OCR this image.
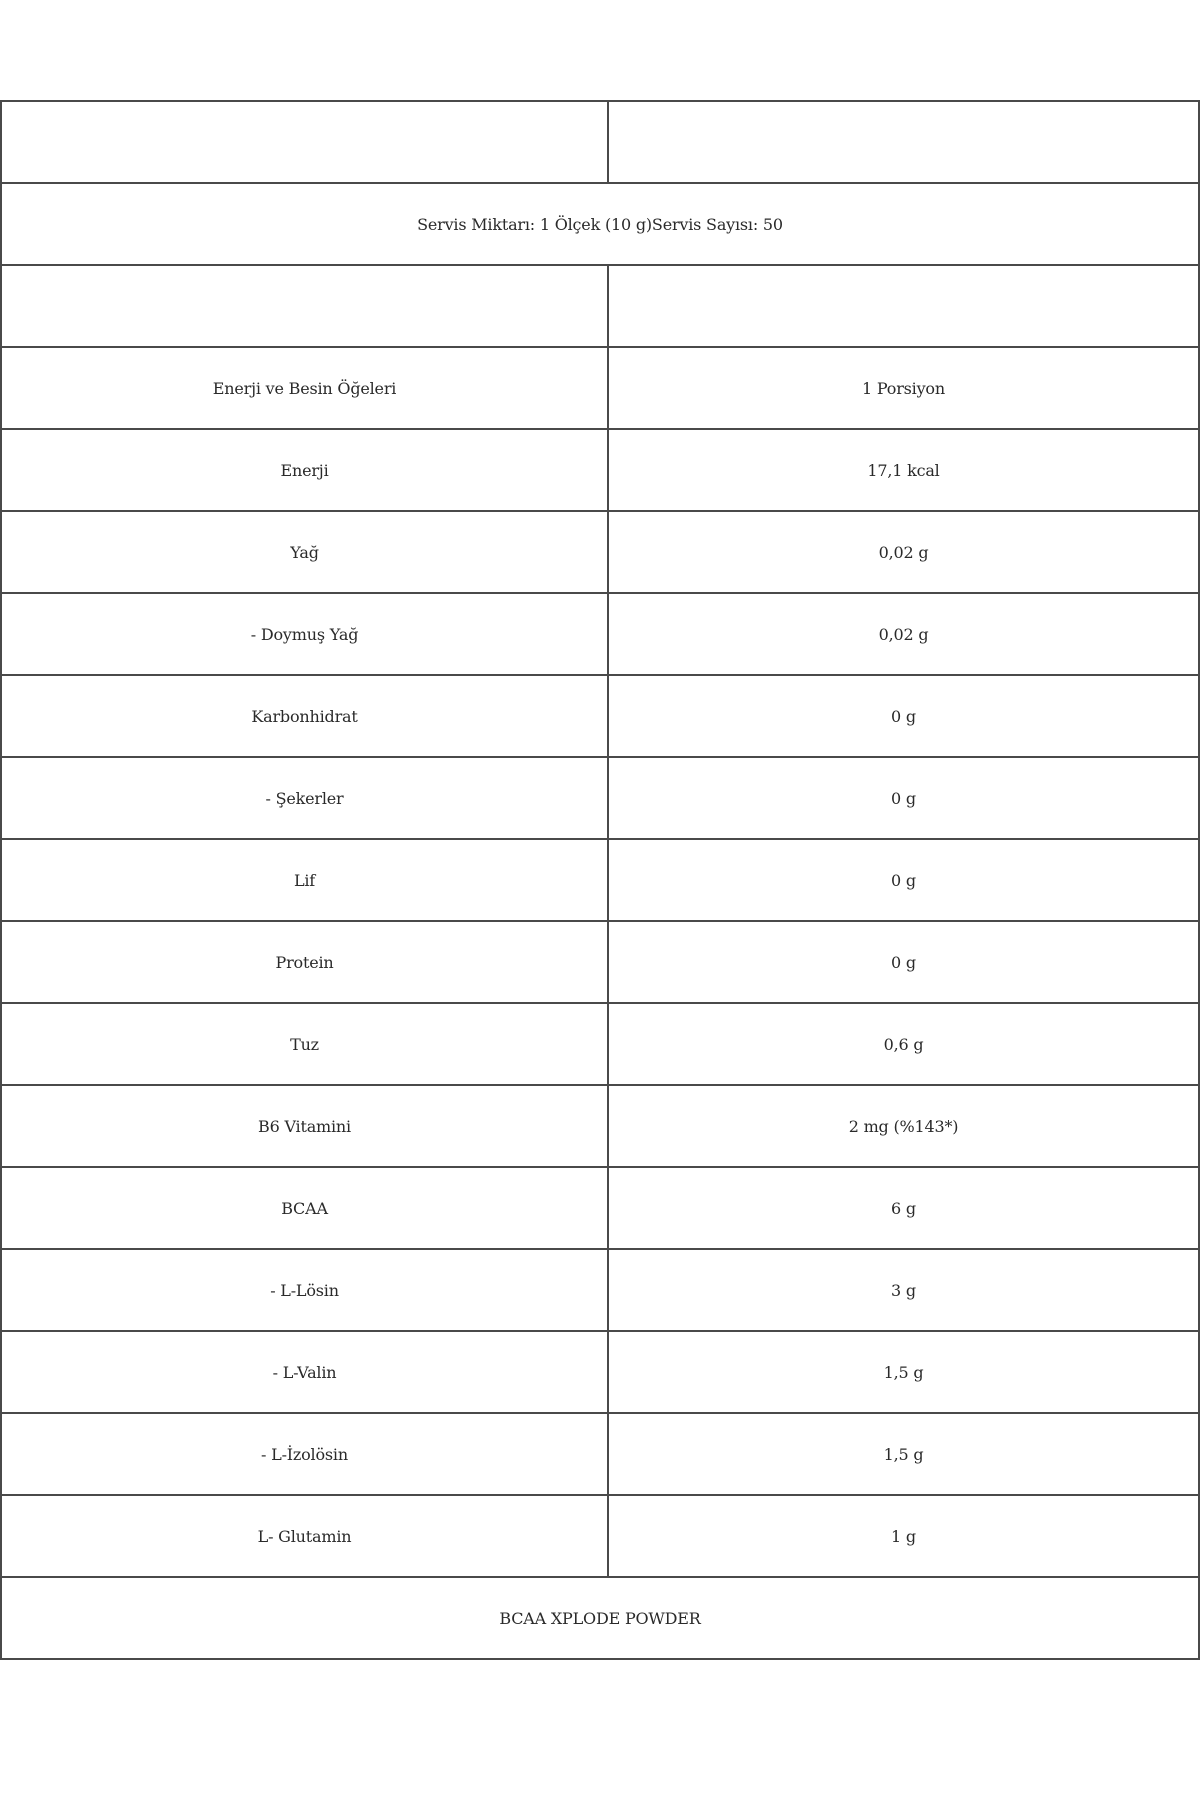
Servis Miktarı: 1 Ölçek (10 g)Servis Sayısı: 50	

Enerji ve Besin Öğeleri	1 Porsiyon
Enerji	17,1 kcal
Yağ	0,02 g
- Doymuş Yağ	0,02 g
Karbonhidrat	0 g
- Şekerler	0 g
Lif	0 g
Protein	0 g
Tuz	0,6 g
B6 Vitamini	2 mg (%143*)
BCAA	6 g
- L-Lösin	3 g
- L-Valin	1,5 g
- L-İzolösin	1,5 g
L- Glutamin	1 g
BCAA XPLODE POWDER	
